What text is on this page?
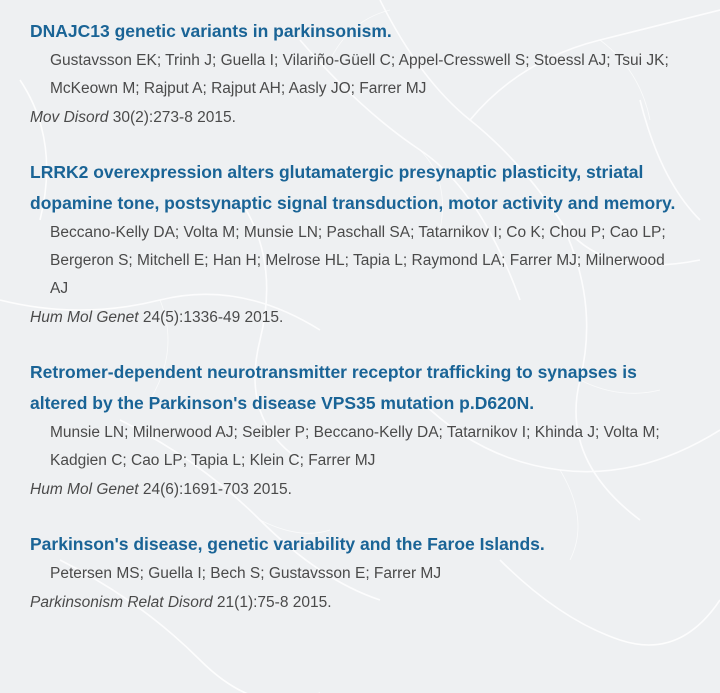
DNAJC13 genetic variants in parkinsonism.

Gustavsson EK; Trinh J; Guella I; Vilariño-Güell C; Appel-Cresswell S; Stoessl AJ; Tsui JK; McKeown M; Rajput A; Rajput AH; Aasly JO; Farrer MJ

Mov Disord 30(2):273-8 2015.

LRRK2 overexpression alters glutamatergic presynaptic plasticity, striatal dopamine tone, postsynaptic signal transduction, motor activity and memory.

Beccano-Kelly DA; Volta M; Munsie LN; Paschall SA; Tatarnikov I; Co K; Chou P; Cao LP; Bergeron S; Mitchell E; Han H; Melrose HL; Tapia L; Raymond LA; Farrer MJ; Milnerwood AJ

Hum Mol Genet 24(5):1336-49 2015.

Retromer-dependent neurotransmitter receptor trafficking to synapses is altered by the Parkinson's disease VPS35 mutation p.D620N.

Munsie LN; Milnerwood AJ; Seibler P; Beccano-Kelly DA; Tatarnikov I; Khinda J; Volta M; Kadgien C; Cao LP; Tapia L; Klein C; Farrer MJ

Hum Mol Genet 24(6):1691-703 2015.

Parkinson's disease, genetic variability and the Faroe Islands.

Petersen MS; Guella I; Bech S; Gustavsson E; Farrer MJ

Parkinsonism Relat Disord 21(1):75-8 2015.
